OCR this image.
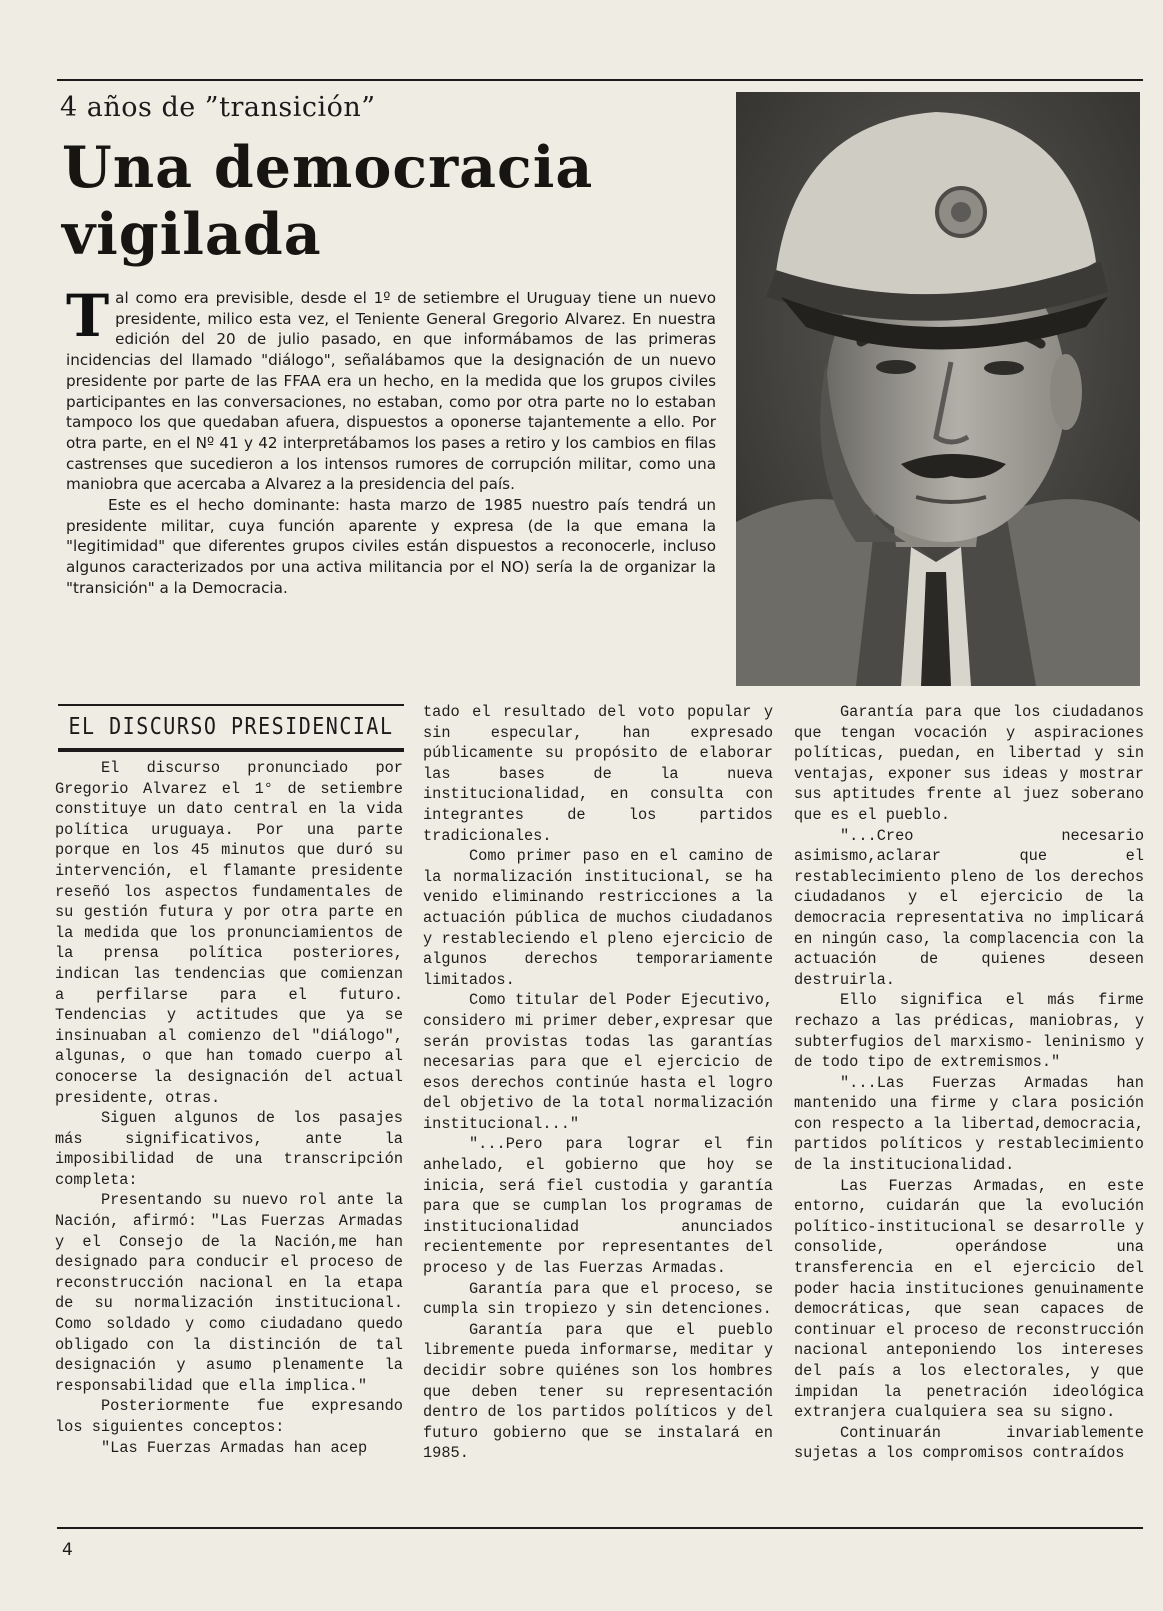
4 años de ”transición”
Una democracia
vigilada

Tal como era previsible, desde el 1º de setiembre el Uruguay tiene un nuevo presidente, milico esta vez, el Teniente General Gregorio Alvarez. En nuestra edición del 20 de julio pasado, en que informábamos de las primeras incidencias del llamado "diálogo", señalábamos que la designación de un nuevo presidente por parte de las FFAA era un hecho, en la medida que los grupos civiles participantes en las conversaciones, no estaban, como por otra parte no lo estaban tampoco los que quedaban afuera, dispuestos a oponerse tajantemente a ello. Por otra parte, en el Nº 41 y 42 interpretábamos los pases a retiro y los cambios en filas castrenses que sucedieron a los intensos rumores de corrupción militar, como una maniobra que acercaba a Alvarez a la presidencia del país.

Este es el hecho dominante: hasta marzo de 1985 nuestro país tendrá un presidente militar, cuya función aparente y expresa (de la que emana la "legitimidad" que diferentes grupos civiles están dispuestos a reconocerle, incluso algunos caracterizados por una activa militancia por el NO) sería la de organizar la "transición" a la Democracia.

EL DISCURSO PRESIDENCIAL

El discurso pronunciado por Gregorio Alvarez el 1° de setiembre constituye un dato central en la vida política uruguaya. Por una parte porque en los 45 minutos que duró su intervención, el flamante presidente reseñó los aspectos fundamentales de su gestión futura y por otra parte en la medida que los pronunciamientos de la prensa política posteriores, indican las tendencias que comienzan a perfilarse para el futuro. Tendencias y actitudes que ya se insinuaban al comienzo del "diálogo", algunas, o que han tomado cuerpo al conocerse la designación del actual presidente, otras.

Siguen algunos de los pasajes más significativos, ante la imposibilidad de una transcripción completa:

Presentando su nuevo rol ante la Nación, afirmó: "Las Fuerzas Armadas y el Consejo de la Nación,me han designado para conducir el proceso de reconstrucción nacional en la etapa de su normalización institucional. Como soldado y como ciudadano quedo obligado con la distinción de tal designación y asumo plenamente la responsabilidad que ella implica."

Posteriormente fue expresando los siguientes conceptos:

"Las Fuerzas Armadas han acep

tado el resultado del voto popular y sin especular, han expresado públicamente su propósito de elaborar las bases de la nueva institucionalidad, en consulta con integrantes de los partidos tradicionales.

Como primer paso en el camino de la normalización institucional, se ha venido eliminando restricciones a la actuación pública de muchos ciudadanos y restableciendo el pleno ejercicio de algunos derechos temporariamente limitados.

Como titular del Poder Ejecutivo, considero mi primer deber,expresar que serán provistas todas las garantías necesarias para que el ejercicio de esos derechos continúe hasta el logro del objetivo de la total normalización institucional..."

"...Pero para lograr el fin anhelado, el gobierno que hoy se inicia, será fiel custodia y garantía para que se cumplan los programas de institucionalidad anunciados recientemente por representantes del proceso y de las Fuerzas Armadas.

Garantía para que el proceso, se cumpla sin tropiezo y sin detenciones.

Garantía para que el pueblo libremente pueda informarse, meditar y decidir sobre quiénes son los hombres que deben tener su representación dentro de los partidos políticos y del futuro gobierno que se instalará en 1985.

Garantía para que los ciudadanos que tengan vocación y aspiraciones políticas, puedan, en libertad y sin ventajas, exponer sus ideas y mostrar sus aptitudes frente al juez soberano que es el pueblo.

"...Creo necesario asimismo,aclarar que el restablecimiento pleno de los derechos ciudadanos y el ejercicio de la democracia representativa no implicará en ningún caso, la complacencia con la actuación de quienes deseen destruirla.

Ello significa el más firme rechazo a las prédicas, maniobras, y subterfugios del marxismo- leninismo y de todo tipo de extremismos."

"...Las Fuerzas Armadas han mantenido una firme y clara posición con respecto a la libertad,democracia, partidos políticos y restablecimiento de la institucionalidad.

Las Fuerzas Armadas, en este entorno, cuidarán que la evolución político-institucional se desarrolle y consolide, operándose una transferencia en el ejercicio del poder hacia instituciones genuinamente democráticas, que sean capaces de continuar el proceso de reconstrucción nacional anteponiendo los intereses del país a los electorales, y que impidan la penetración ideológica extranjera cualquiera sea su signo.

Continuarán invariablemente sujetas a los compromisos contraídos

4
